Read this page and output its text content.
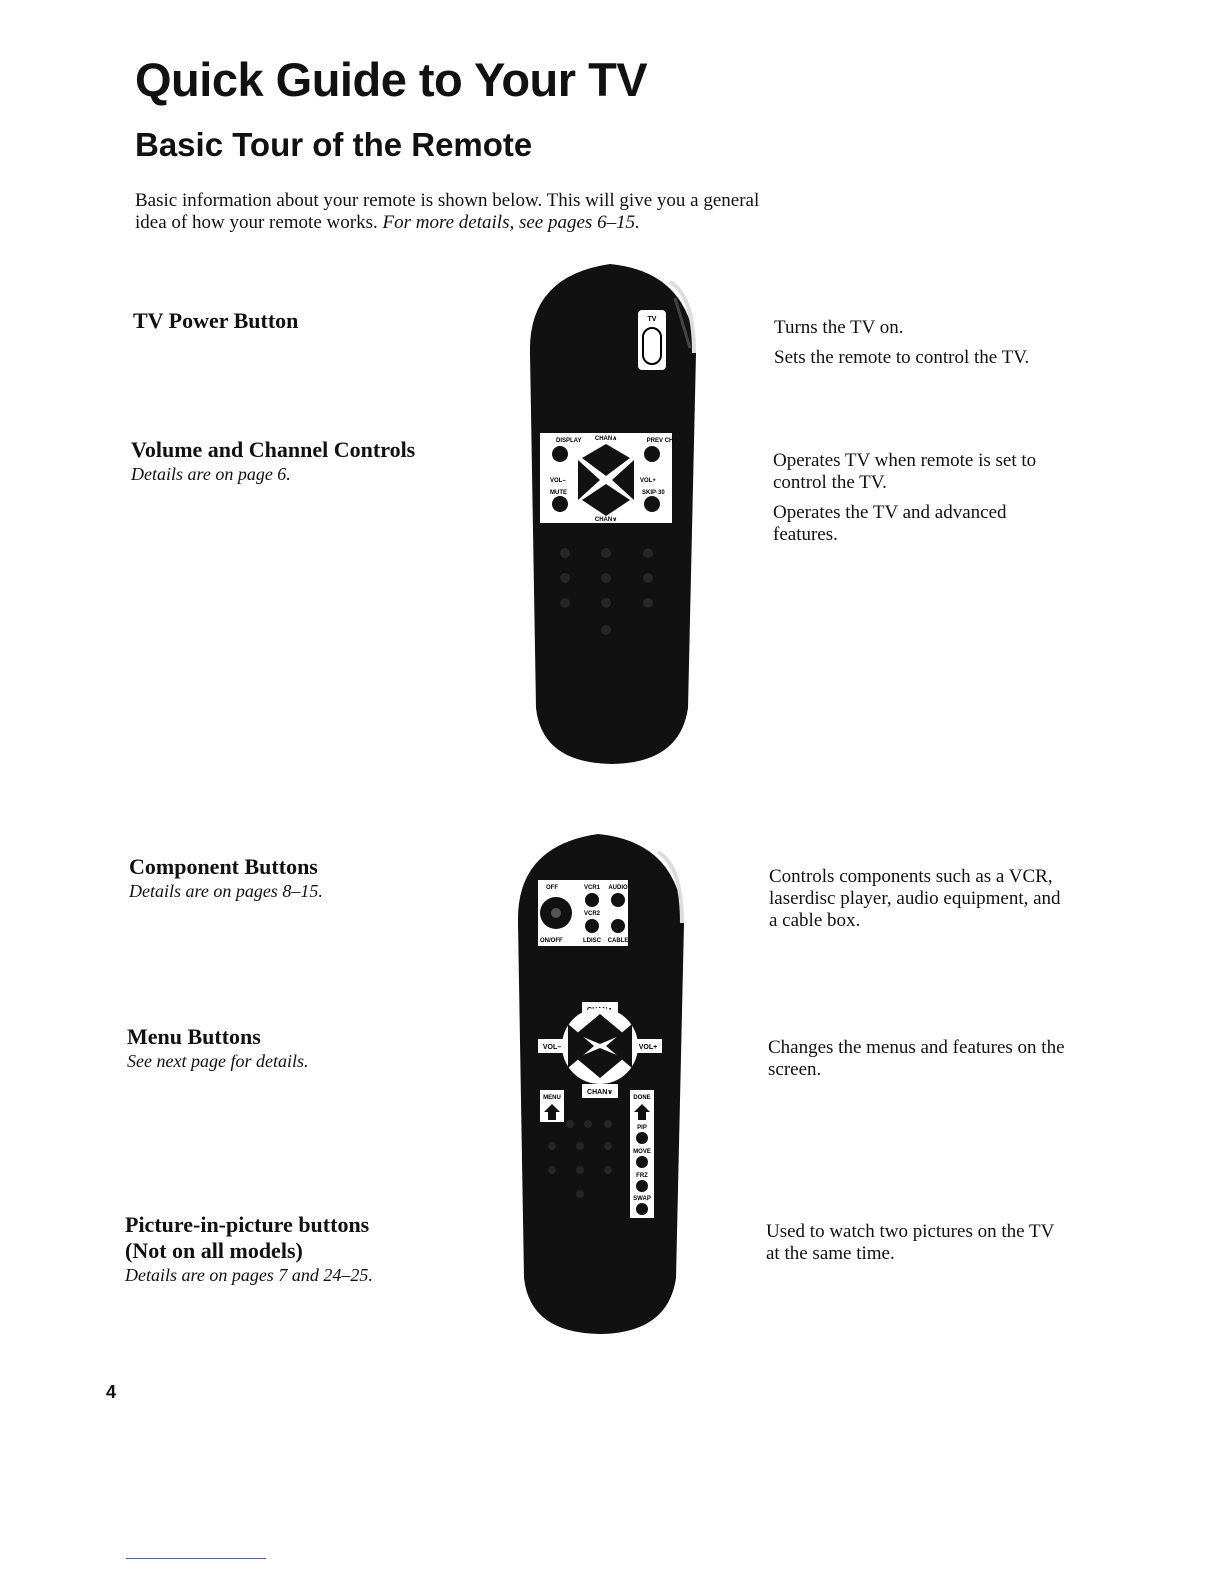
Quick Guide to Your TV
Basic Tour of the Remote
Basic information about your remote is shown below. This will give you a general idea of how your remote works. For more details, see pages 6–15.
TV Power Button	Turns the TV on.

Sets the remote to control the TV.

Volume and Channel Controls
Details are on page 6.

Operates TV when remote is set to control the TV.

Operates the TV and advanced features.

Component Buttons
Details are on pages 8–15.
Controls components such as a VCR, laserdisc player, audio equipment, and a cable box.
Menu Buttons
See next page for details.
Changes the menus and features on the screen.
Picture-in-picture buttons
(Not on all models)
Details are on pages 7 and 24–25.
Used to watch two pictures on the TV at the same time.
TV
DISPLAY CHAN∧	PREV CH
VOL–	VOL+
MUTE	SKIP·30
CHAN∨
OFF	VCR1 AUDIO
VCR2
ON/OFF	LDISC CABLE
VOL–	VOL+
CHAN∨
MENU	DONE
PIP
MOVE
FRZ
SWAP
4
